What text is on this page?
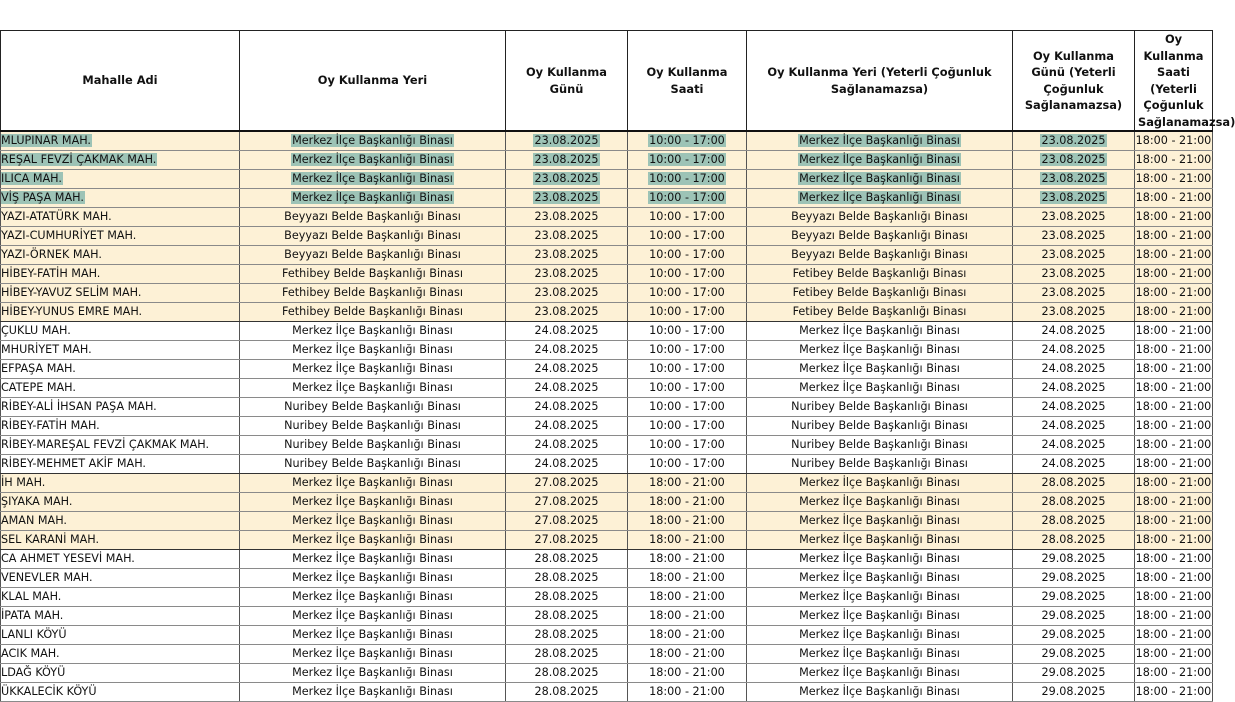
Mahalle Adi	Oy Kullanma Yeri	Oy Kullanma Günü	Oy Kullanma Saati	Oy Kullanma Yeri (Yeterli Çoğunluk Sağlanamazsa)	Oy Kullanma Günü (Yeterli Çoğunluk Sağlanamazsa)	Oy Kullanma Saati (Yeterli Çoğunluk Sağlanamazsa)
MLUPINAR MAH.	Merkez İlçe Başkanlığı Binası	23.08.2025	10:00 - 17:00	Merkez İlçe Başkanlığı Binası	23.08.2025	18:00 - 21:00
REŞAL FEVZİ ÇAKMAK MAH.	Merkez İlçe Başkanlığı Binası	23.08.2025	10:00 - 17:00	Merkez İlçe Başkanlığı Binası	23.08.2025	18:00 - 21:00
ILICA MAH.	Merkez İlçe Başkanlığı Binası	23.08.2025	10:00 - 17:00	Merkez İlçe Başkanlığı Binası	23.08.2025	18:00 - 21:00
VİŞ PAŞA MAH.	Merkez İlçe Başkanlığı Binası	23.08.2025	10:00 - 17:00	Merkez İlçe Başkanlığı Binası	23.08.2025	18:00 - 21:00
YAZI-ATATÜRK MAH.	Beyyazı Belde Başkanlığı Binası	23.08.2025	10:00 - 17:00	Beyyazı Belde Başkanlığı Binası	23.08.2025	18:00 - 21:00
YAZI-CUMHURİYET MAH.	Beyyazı Belde Başkanlığı Binası	23.08.2025	10:00 - 17:00	Beyyazı Belde Başkanlığı Binası	23.08.2025	18:00 - 21:00
YAZI-ÖRNEK MAH.	Beyyazı Belde Başkanlığı Binası	23.08.2025	10:00 - 17:00	Beyyazı Belde Başkanlığı Binası	23.08.2025	18:00 - 21:00
HİBEY-FATİH MAH.	Fethibey Belde Başkanlığı Binası	23.08.2025	10:00 - 17:00	Fetibey Belde Başkanlığı Binası	23.08.2025	18:00 - 21:00
HİBEY-YAVUZ SELİM MAH.	Fethibey Belde Başkanlığı Binası	23.08.2025	10:00 - 17:00	Fetibey Belde Başkanlığı Binası	23.08.2025	18:00 - 21:00
HİBEY-YUNUS EMRE MAH.	Fethibey Belde Başkanlığı Binası	23.08.2025	10:00 - 17:00	Fetibey Belde Başkanlığı Binası	23.08.2025	18:00 - 21:00
ÇUKLU MAH.	Merkez İlçe Başkanlığı Binası	24.08.2025	10:00 - 17:00	Merkez İlçe Başkanlığı Binası	24.08.2025	18:00 - 21:00
MHURİYET MAH.	Merkez İlçe Başkanlığı Binası	24.08.2025	10:00 - 17:00	Merkez İlçe Başkanlığı Binası	24.08.2025	18:00 - 21:00
EFPAŞA MAH.	Merkez İlçe Başkanlığı Binası	24.08.2025	10:00 - 17:00	Merkez İlçe Başkanlığı Binası	24.08.2025	18:00 - 21:00
CATEPE MAH.	Merkez İlçe Başkanlığı Binası	24.08.2025	10:00 - 17:00	Merkez İlçe Başkanlığı Binası	24.08.2025	18:00 - 21:00
RİBEY-ALİ İHSAN PAŞA MAH.	Nuribey Belde Başkanlığı Binası	24.08.2025	10:00 - 17:00	Nuribey Belde Başkanlığı Binası	24.08.2025	18:00 - 21:00
RİBEY-FATİH MAH.	Nuribey Belde Başkanlığı Binası	24.08.2025	10:00 - 17:00	Nuribey Belde Başkanlığı Binası	24.08.2025	18:00 - 21:00
RİBEY-MAREŞAL FEVZİ ÇAKMAK MAH.	Nuribey Belde Başkanlığı Binası	24.08.2025	10:00 - 17:00	Nuribey Belde Başkanlığı Binası	24.08.2025	18:00 - 21:00
RİBEY-MEHMET AKİF MAH.	Nuribey Belde Başkanlığı Binası	24.08.2025	10:00 - 17:00	Nuribey Belde Başkanlığı Binası	24.08.2025	18:00 - 21:00
İH MAH.	Merkez İlçe Başkanlığı Binası	27.08.2025	18:00 - 21:00	Merkez İlçe Başkanlığı Binası	28.08.2025	18:00 - 21:00
ŞIYAKA MAH.	Merkez İlçe Başkanlığı Binası	27.08.2025	18:00 - 21:00	Merkez İlçe Başkanlığı Binası	28.08.2025	18:00 - 21:00
AMAN MAH.	Merkez İlçe Başkanlığı Binası	27.08.2025	18:00 - 21:00	Merkez İlçe Başkanlığı Binası	28.08.2025	18:00 - 21:00
SEL KARANİ MAH.	Merkez İlçe Başkanlığı Binası	27.08.2025	18:00 - 21:00	Merkez İlçe Başkanlığı Binası	28.08.2025	18:00 - 21:00
CA AHMET YESEVİ MAH.	Merkez İlçe Başkanlığı Binası	28.08.2025	18:00 - 21:00	Merkez İlçe Başkanlığı Binası	29.08.2025	18:00 - 21:00
VENEVLER MAH.	Merkez İlçe Başkanlığı Binası	28.08.2025	18:00 - 21:00	Merkez İlçe Başkanlığı Binası	29.08.2025	18:00 - 21:00
KLAL MAH.	Merkez İlçe Başkanlığı Binası	28.08.2025	18:00 - 21:00	Merkez İlçe Başkanlığı Binası	29.08.2025	18:00 - 21:00
İPATA MAH.	Merkez İlçe Başkanlığı Binası	28.08.2025	18:00 - 21:00	Merkez İlçe Başkanlığı Binası	29.08.2025	18:00 - 21:00
LANLI KÖYÜ	Merkez İlçe Başkanlığı Binası	28.08.2025	18:00 - 21:00	Merkez İlçe Başkanlığı Binası	29.08.2025	18:00 - 21:00
ACIK MAH.	Merkez İlçe Başkanlığı Binası	28.08.2025	18:00 - 21:00	Merkez İlçe Başkanlığı Binası	29.08.2025	18:00 - 21:00
LDAĞ KÖYÜ	Merkez İlçe Başkanlığı Binası	28.08.2025	18:00 - 21:00	Merkez İlçe Başkanlığı Binası	29.08.2025	18:00 - 21:00
ÜKKALECİK KÖYÜ	Merkez İlçe Başkanlığı Binası	28.08.2025	18:00 - 21:00	Merkez İlçe Başkanlığı Binası	29.08.2025	18:00 - 21:00
